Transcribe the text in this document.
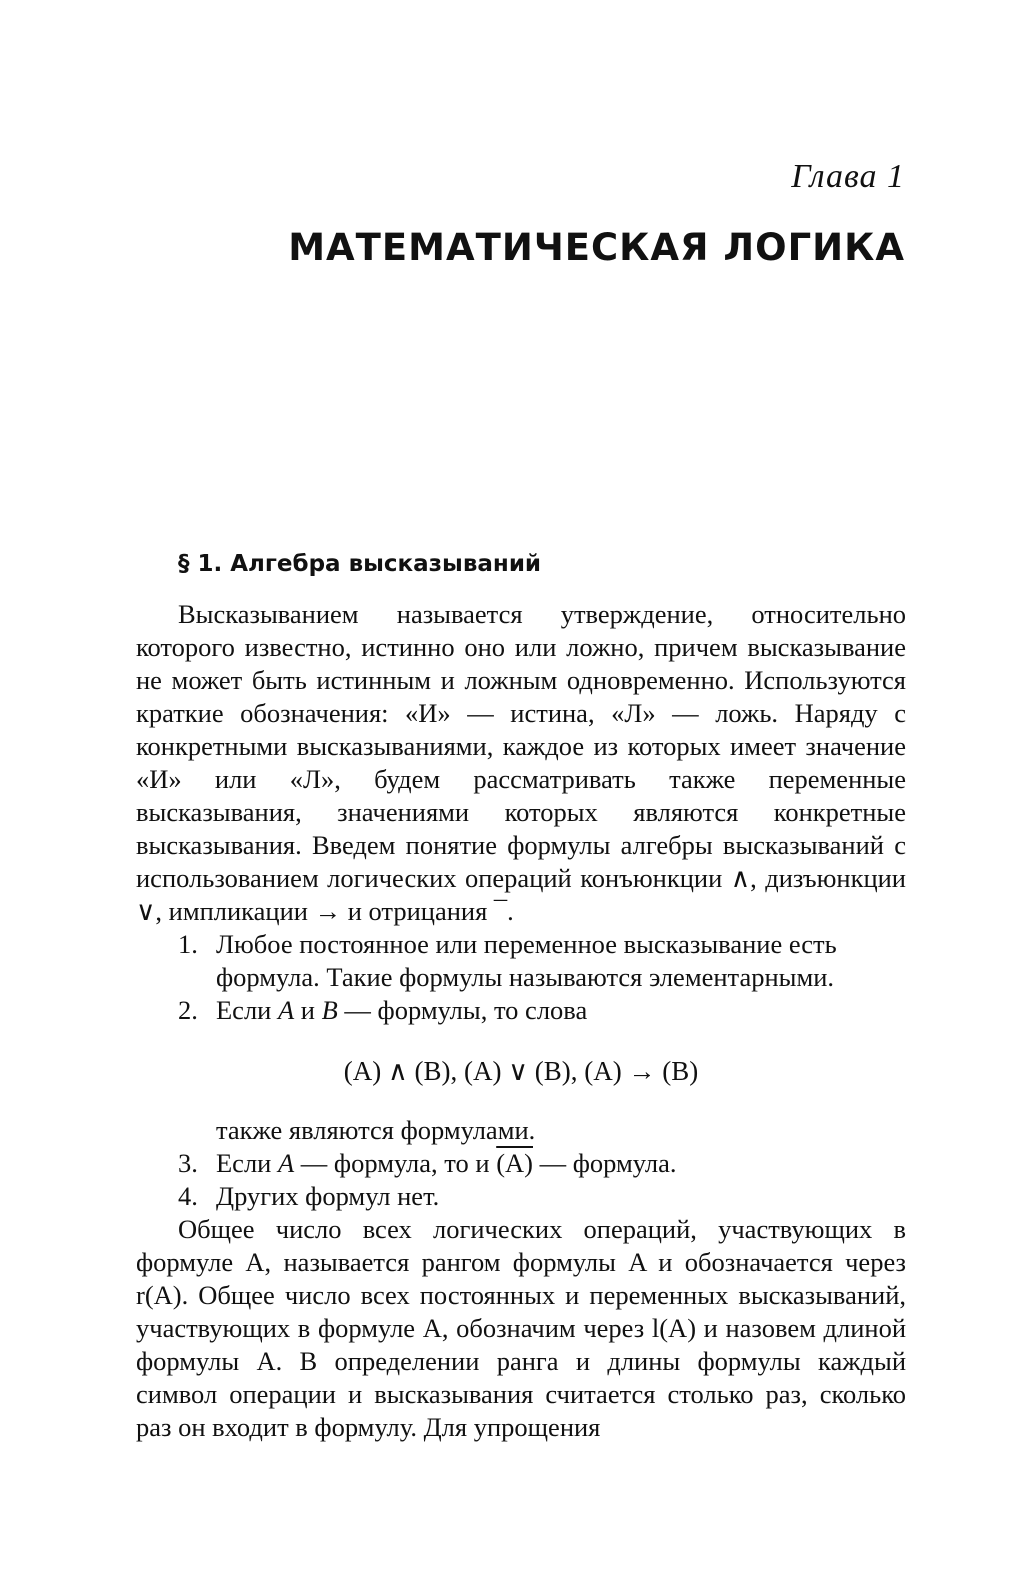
Глава 1
МАТЕМАТИЧЕСКАЯ ЛОГИКА
§ 1. Алгебра высказываний

Высказыванием называется утверждение, относительно которого известно, истинно оно или ложно, причем высказывание не может быть истинным и ложным одновременно. Используются краткие обозначения: «И» — истина, «Л» — ложь. Наряду с конкретными высказываниями, каждое из которых имеет значение «И» или «Л», будем рассматривать также переменные высказывания, значениями которых являются конкретные высказывания. Введем понятие формулы алгебры высказываний с использованием логических операций конъюнкции ∧, дизъюнкции ∨, импликации → и отрицания ¯.

1. Любое постоянное или переменное высказывание есть формула. Такие формулы называются элементарными.
2. Если A и B — формулы, то слова
(A) ∧ (B), (A) ∨ (B), (A) → (B)
также являются формулами.
3. Если A — формула, то и (A) — формула.
4. Других формул нет.

Общее число всех логических операций, участвующих в формуле A, называется рангом формулы A и обозначается через r(A). Общее число всех постоянных и переменных высказываний, участвующих в формуле A, обозначим через l(A) и назовем длиной формулы A. В определении ранга и длины формулы каждый символ операции и высказывания считается столько раз, сколько раз он входит в формулу. Для упрощения
